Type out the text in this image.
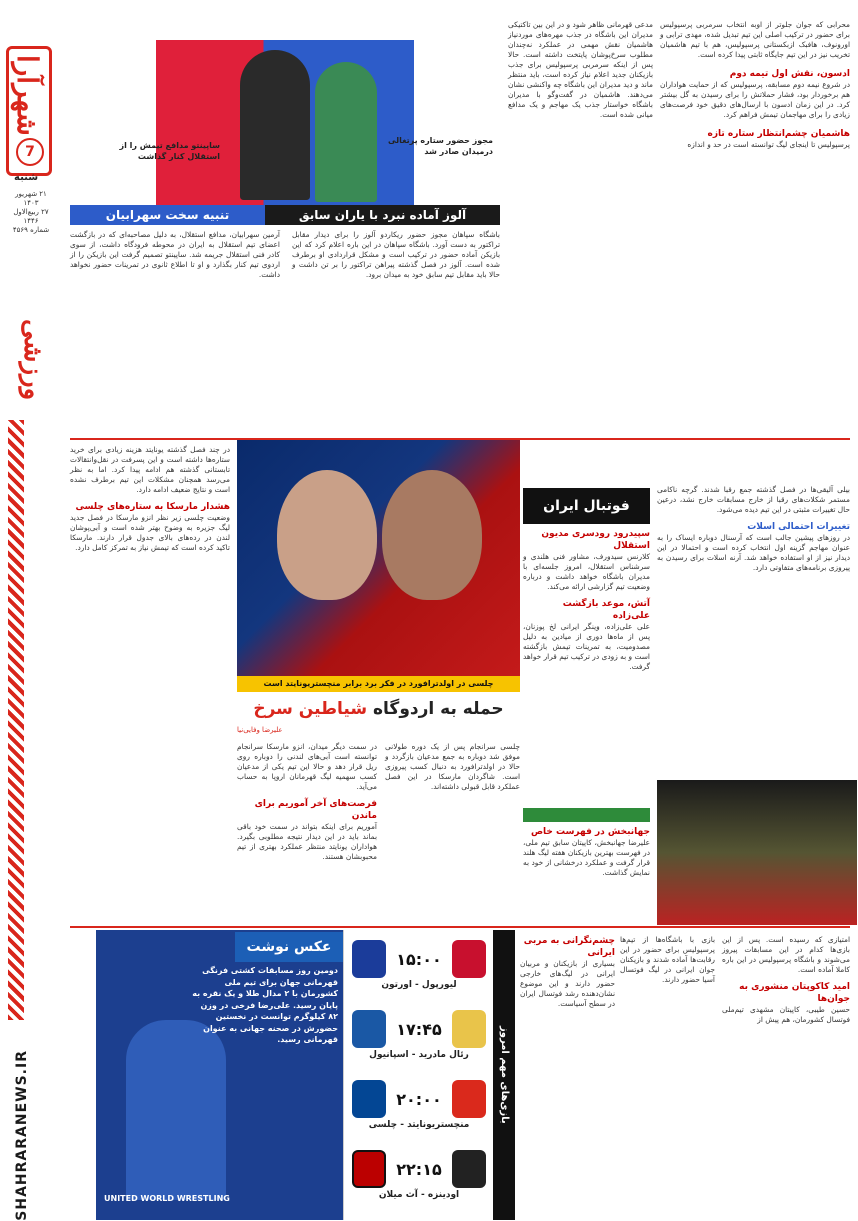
شهرآرا
7
شنبه
۲۱ شهریور ۱۴۰۳
۲۷ ربیع‌الاول ۱۴۴۶
شماره ۴۵۶۹
ورزشی
SHAHRARANEWS.IR
ساپینتو مدافع تیمش را از استقلال کنار گذاشت
مجوز حضور ستاره پرتغالی درمیدان صادر شد
تنبیه سخت سهرابیان	آلوز آماده نبرد با یاران سابق
آرمین سهرابیان، مدافع استقلال، به دلیل مصاحبه‌ای که در بازگشت اعضای تیم استقلال به ایران در محوطه فرودگاه داشت، از سوی کادر فنی استقلال جریمه شد. ساپینتو تصمیم گرفت این بازیکن را از اردوی تیم کنار بگذارد و او تا اطلاع ثانوی در تمرینات حضور نخواهد داشت.
باشگاه سپاهان مجوز حضور ریکاردو آلوز را برای دیدار مقابل تراکتور به دست آورد. باشگاه سپاهان در این باره اعلام کرد که این بازیکن آماده حضور در ترکیب است و مشکل قراردادی او برطرف شده است. آلوز در فصل گذشته پیراهن تراکتور را بر تن داشت و حالا باید مقابل تیم سابق خود به میدان برود.
مدعی قهرمانی ظاهر شود و در این بین تاکتیکی مدیران این باشگاه در جذب مهره‌های موردنیاز هاشمیان نقش مهمی در عملکرد نه‌چندان مطلوب سرخ‌پوشان پایتخت داشته است. حالا پس از اینکه سرمربی پرسپولیس برای جذب بازیکنان جدید اعلام نیاز کرده است، باید منتظر ماند و دید مدیران این باشگاه چه واکنشی نشان می‌دهند. هاشمیان در گفت‌وگو با مدیران باشگاه خواستار جذب یک مهاجم و یک مدافع میانی شده است.
محرابی که جوان جلوتر از اوبه انتخاب سرمربی پرسپولیس برای حضور در ترکیب اصلی این تیم تبدیل شده، مهدی ترابی و اورونوف، هافبک ازبکستانی پرسپولیس، هم با تیم هاشمیان تخریب نیز در این تیم جایگاه ثابتی پیدا کرده است.
ادسون، نقش اول تیمه دوم
در شروع نیمه دوم مسابقه، پرسپولیس که از حمایت هواداران هم برخوردار بود، فشار حملاتش را برای رسیدن به گل بیشتر کرد. در این زمان ادسون با ارسال‌های دقیق خود فرصت‌های زیادی را برای مهاجمان تیمش فراهم کرد.
هاشمیان چشم‌انتظار ستاره تازه
پرسپولیس تا اینجای لیگ توانسته است در حد و اندازه
چلسی در اولدترافورد در فکر برد برابر منچستریونایتد است
حمله به اردوگاه شیاطین سرخ
علیرضا وفایی‌نیا
در چند فصل گذشته یونایتد هزینه زیادی برای خرید ستاره‌ها داشته است و این پسرفت در نقل‌وانتقالات تابستانی گذشته هم ادامه پیدا کرد. اما به نظر می‌رسد همچنان مشکلات این تیم برطرف نشده است و نتایج ضعیف ادامه دارد.
هشدار مارسکا به ستاره‌های چلسی
وضعیت چلسی زیر نظر انزو مارسکا در فصل جدید لیگ جزیره به وضوح بهتر شده است و آبی‌پوشان لندن در رده‌های بالای جدول قرار دارند. مارسکا تاکید کرده است که تیمش نیاز به تمرکز کامل دارد.
در سمت دیگر میدان، انزو مارسکا سرانجام توانسته است آبی‌های لندنی را دوباره روی ریل قرار دهد و حالا این تیم یکی از مدعیان کسب سهمیه لیگ قهرمانان اروپا به حساب می‌آید.
فرصت‌های آخر آموریم برای ماندن
آموریم برای اینکه بتواند در سمت خود باقی بماند باید در این دیدار نتیجه مطلوبی بگیرد. هواداران یونایتد منتظر عملکرد بهتری از تیم محبوبشان هستند.
چلسی سرانجام پس از یک دوره طولانی موفق شد دوباره به جمع مدعیان بازگردد و حالا در اولدترافورد به دنبال کسب پیروزی است. شاگردان مارسکا در این فصل عملکرد قابل قبولی داشته‌اند.
فوتبال ایران
سپیدرود رودسری مدیون استقلال
کلارنس سیدورف، مشاور فنی هلندی و سرشناس استقلال، امروز جلسه‌ای با مدیران باشگاه خواهد داشت و درباره وضعیت تیم گزارشی ارائه می‌کند.
آتش، موعد بازگشت علی‌زاده
علی علی‌زاده، وینگر ایرانی لخ پوزنان، پس از ماه‌ها دوری از میادین به دلیل مصدومیت، به تمرینات تیمش بازگشته است و به زودی در ترکیب تیم قرار خواهد گرفت.
جهانبخش در فهرست خاص
علیرضا جهانبخش، کاپیتان سابق تیم ملی، در فهرست بهترین بازیکنان هفته لیگ هلند قرار گرفت و عملکرد درخشانی از خود به نمایش گذاشت.
بیلی آلیقی‌ها در فصل گذشته جمع رقبا شدند. گرچه ناکامی مستمر شکلات‌های رقبا از خارج مسابقات خارج نشد، درعین حال تغییرات مثبتی در این تیم دیده می‌شود.
تغییرات احتمالی اسلات
در روزهای پیشین جالب است که آرسنال دوباره ایساک را به عنوان مهاجم گزینه اول انتخاب کرده است و احتمالا در این دیدار نیز از او استفاده خواهد شد. آرنه اسلات برای رسیدن به پیروزی برنامه‌های متفاوتی دارد.
امتیازی که رسیده است. پس از این بازی‌ها کدام در این مسابقات پیروز می‌شوند و باشگاه پرسپولیس در این باره کاملا آماده است.
امید کاکوپتان منشوری به جوان‌ها
حسین طیبی، کاپیتان مشهدی تیم‌ملی فوتسال کشورمان، هم پیش از
بازی با باشگاه‌ها از تیم‌ها پرسپولیس برای حضور در این رقابت‌ها آماده شدند و بازیکنان جوان ایرانی در لیگ فوتسال آسیا حضور دارند.
چشم‌نگرانی به مربی ایرانی
بسیاری از بازیکنان و مربیان ایرانی در لیگ‌های خارجی حضور دارند و این موضوع نشان‌دهنده رشد فوتسال ایران در سطح آسیاست.
بازی‌های مهم امروز
۱۵:۰۰
لیورپول - اورتون
۱۷:۴۵
رئال مادرید - اسپانیول
۲۰:۰۰
منچستریونایتد - چلسی
۲۲:۱۵
اودینزه - آث میلان
UNITED WORLD WRESTLING
عکس نوشت
دومین روز مسابقات کشتی فرنگی قهرمانی جهان برای تیم ملی کشورمان با ۲ مدال طلا و یک نقره به پایان رسید. علی‌رضا فرخی در وزن ۸۲ کیلوگرم توانست در نخستین حضورش در صحنه جهانی به عنوان قهرمانی رسید.
